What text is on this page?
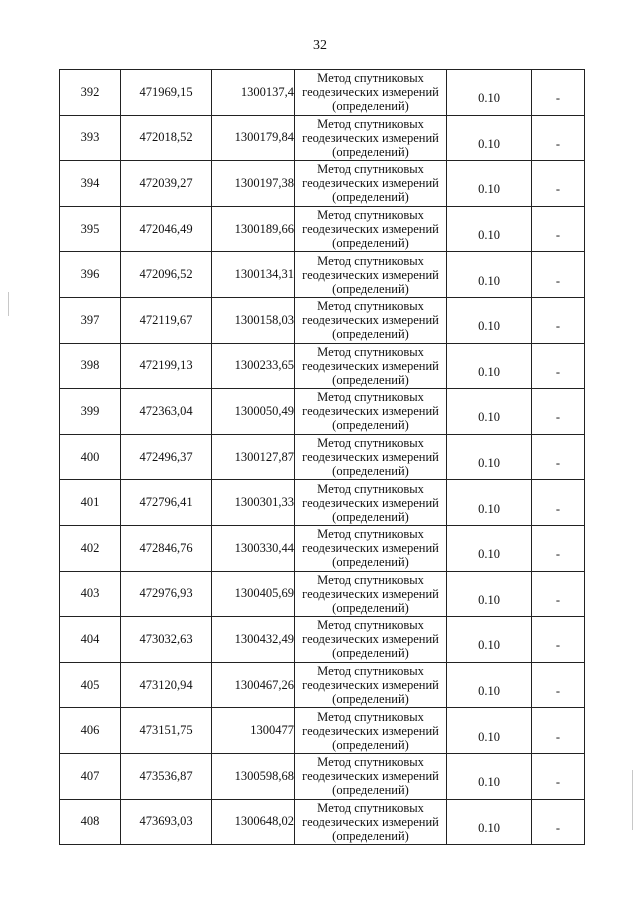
32
392	471969,15	1300137,4	Метод спутниковых
геодезических измерений
(определений)	0.10	-

393	472018,52	1300179,84	Метод спутниковых
геодезических измерений
(определений)	0.10	-

394	472039,27	1300197,38	Метод спутниковых
геодезических измерений
(определений)	0.10	-

395	472046,49	1300189,66	Метод спутниковых
геодезических измерений
(определений)	0.10	-

396	472096,52	1300134,31	Метод спутниковых
геодезических измерений
(определений)	0.10	-

397	472119,67	1300158,03	Метод спутниковых
геодезических измерений
(определений)	0.10	-

398	472199,13	1300233,65	Метод спутниковых
геодезических измерений
(определений)	0.10	-

399	472363,04	1300050,49	Метод спутниковых
геодезических измерений
(определений)	0.10	-

400	472496,37	1300127,87	Метод спутниковых
геодезических измерений
(определений)	0.10	-

401	472796,41	1300301,33	Метод спутниковых
геодезических измерений
(определений)	0.10	-

402	472846,76	1300330,44	Метод спутниковых
геодезических измерений
(определений)	0.10	-

403	472976,93	1300405,69	Метод спутниковых
геодезических измерений
(определений)	0.10	-

404	473032,63	1300432,49	Метод спутниковых
геодезических измерений
(определений)	0.10	-

405	473120,94	1300467,26	Метод спутниковых
геодезических измерений
(определений)	0.10	-

406	473151,75	1300477	Метод спутниковых
геодезических измерений
(определений)	0.10	-

407	473536,87	1300598,68	Метод спутниковых
геодезических измерений
(определений)	0.10	-

408	473693,03	1300648,02	Метод спутниковых
геодезических измерений
(определений)	0.10	-
